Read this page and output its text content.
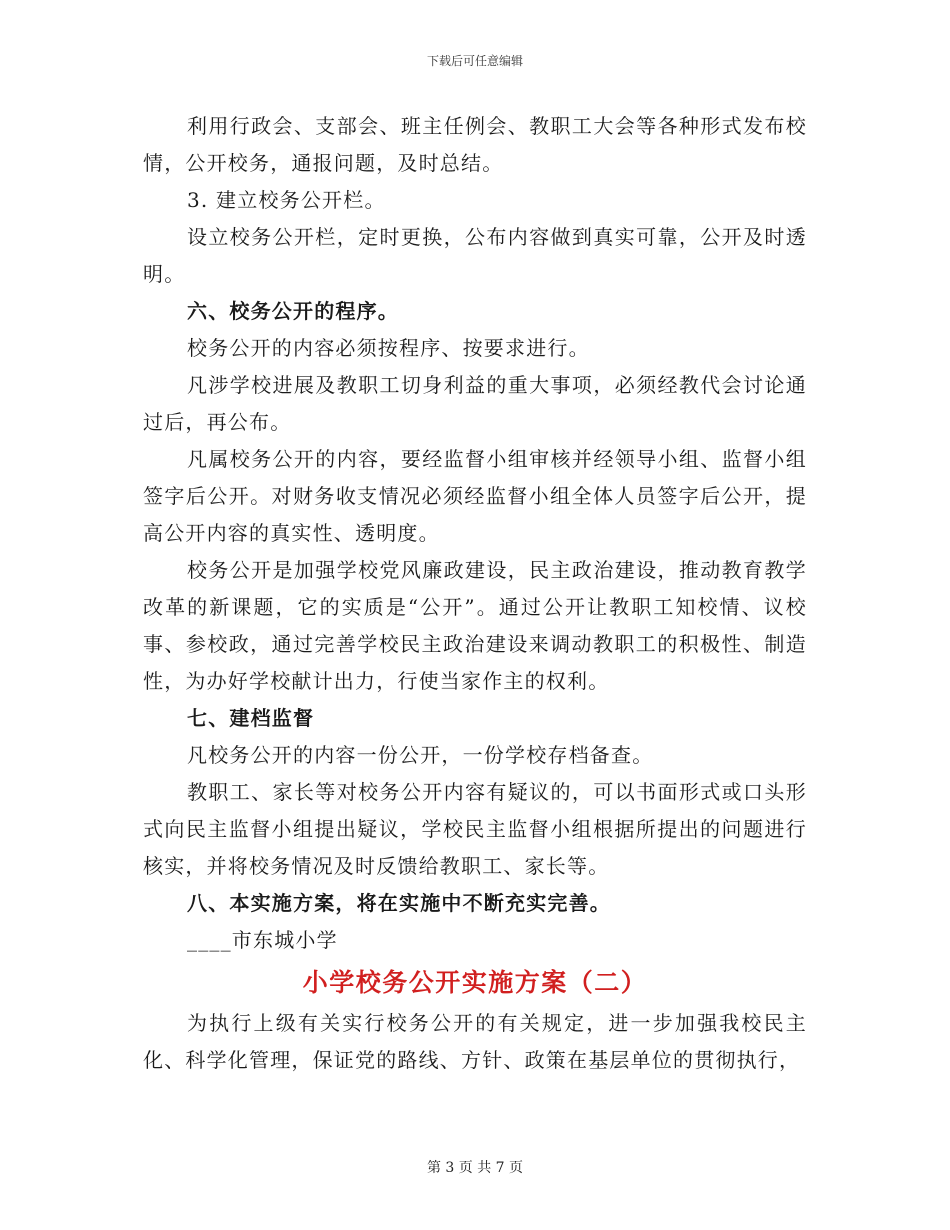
下载后可任意编辑

利用行政会、支部会、班主任例会、教职工大会等各种形式发布校情，公开校务，通报问题，及时总结。

3. 建立校务公开栏。

设立校务公开栏，定时更换，公布内容做到真实可靠，公开及时透明。

六、校务公开的程序。

校务公开的内容必须按程序、按要求进行。

凡涉学校进展及教职工切身利益的重大事项，必须经教代会讨论通过后，再公布。

凡属校务公开的内容，要经监督小组审核并经领导小组、监督小组签字后公开。对财务收支情况必须经监督小组全体人员签字后公开，提高公开内容的真实性、透明度。

校务公开是加强学校党风廉政建设，民主政治建设，推动教育教学改革的新课题，它的实质是“公开”。通过公开让教职工知校情、议校事、参校政，通过完善学校民主政治建设来调动教职工的积极性、制造性，为办好学校献计出力，行使当家作主的权利。

七、建档监督

凡校务公开的内容一份公开，一份学校存档备查。

教职工、家长等对校务公开内容有疑议的，可以书面形式或口头形式向民主监督小组提出疑议，学校民主监督小组根据所提出的问题进行核实，并将校务情况及时反馈给教职工、家长等。

八、本实施方案，将在实施中不断充实完善。

____市东城小学

小学校务公开实施方案（二）

为执行上级有关实行校务公开的有关规定，进一步加强我校民主化、科学化管理，保证党的路线、方针、政策在基层单位的贯彻执行，

第 3 页 共 7 页
